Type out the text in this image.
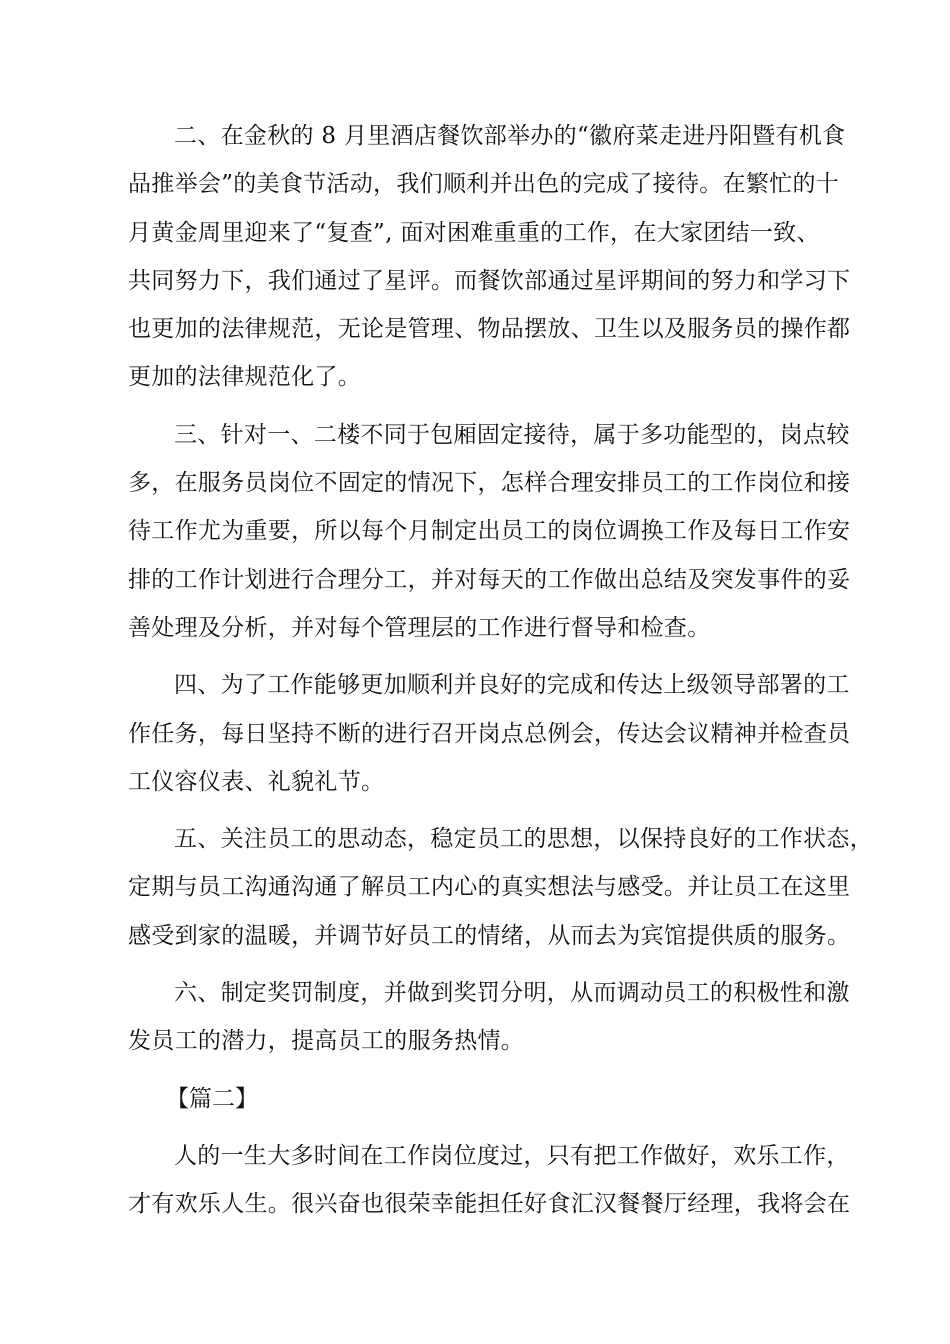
二、在金秋的 8 月里酒店餐饮部举办的“徽府菜走进丹阳暨有机食
品推举会”的美食节活动，我们顺利并出色的完成了接待。在繁忙的十
月黄金周里迎来了“复查”, 面对困难重重的工作，在大家团结一致、
共同努力下，我们通过了星评。而餐饮部通过星评期间的努力和学习下
也更加的法律规范，无论是管理、物品摆放、卫生以及服务员的操作都
更加的法律规范化了。

三、针对一、二楼不同于包厢固定接待，属于多功能型的，岗点较
多，在服务员岗位不固定的情况下，怎样合理安排员工的工作岗位和接
待工作尤为重要，所以每个月制定出员工的岗位调换工作及每日工作安
排的工作计划进行合理分工，并对每天的工作做出总结及突发事件的妥
善处理及分析，并对每个管理层的工作进行督导和检查。

四、为了工作能够更加顺利并良好的完成和传达上级领导部署的工
作任务，每日坚持不断的进行召开岗点总例会，传达会议精神并检查员
工仪容仪表、礼貌礼节。

五、关注员工的思动态，稳定员工的思想，以保持良好的工作状态，
定期与员工沟通沟通了解员工内心的真实想法与感受。并让员工在这里
感受到家的温暖，并调节好员工的情绪，从而去为宾馆提供质的服务。

六、制定奖罚制度，并做到奖罚分明，从而调动员工的积极性和激
发员工的潜力，提高员工的服务热情。

【篇二】

人的一生大多时间在工作岗位度过，只有把工作做好，欢乐工作，
才有欢乐人生。很兴奋也很荣幸能担任好食汇汉餐餐厅经理，我将会在
